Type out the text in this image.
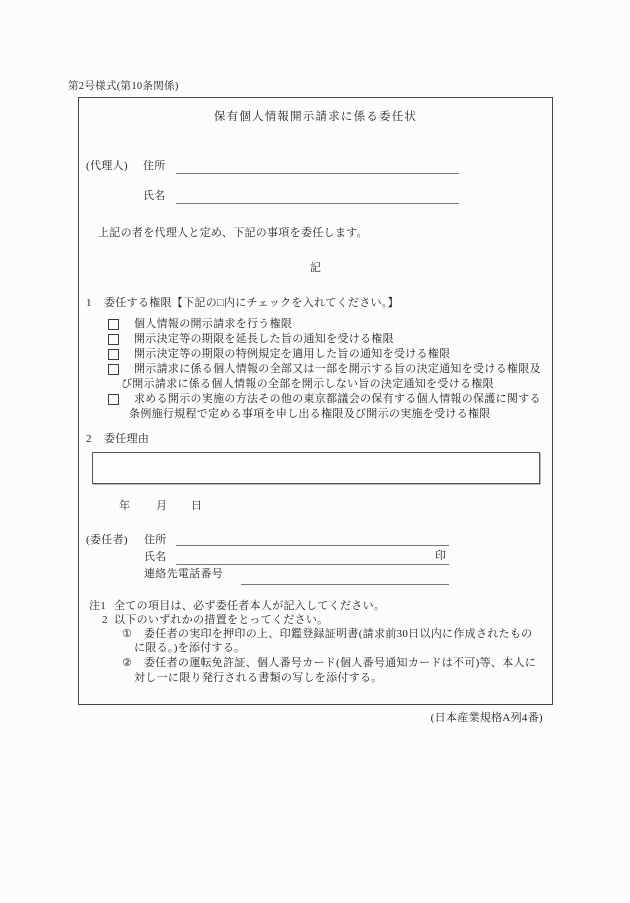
第2号様式(第10条関係)
保有個人情報開示請求に係る委任状
(代理人) 住所
氏名
上記の者を代理人と定め、下記の事項を委任します。
記
1 委任する権限【下記の□内にチェックを入れてください。】
個人情報の開示請求を行う権限
開示決定等の期限を延長した旨の通知を受ける権限
開示決定等の期限の特例規定を適用した旨の通知を受ける権限
開示請求に係る個人情報の全部又は一部を開示する旨の決定通知を受ける権限及
び開示請求に係る個人情報の全部を開示しない旨の決定通知を受ける権限
求める開示の実施の方法その他の東京都議会の保有する個人情報の保護に関する
条例施行規程で定める事項を申し出る権限及び開示の実施を受ける権限
2 委任理由
年 月 日
(委任者) 住所
氏名	印
連絡先電話番号
注1 全ての項目は、必ず委任者本人が記入してください。
2 以下のいずれかの措置をとってください。
① 委任者の実印を押印の上、印鑑登録証明書(請求前30日以内に作成されたもの
に限る。)を添付する。
② 委任者の運転免許証、個人番号カード(個人番号通知カードは不可)等、本人に
対し一に限り発行される書類の写しを添付する。
(日本産業規格A列4番)
